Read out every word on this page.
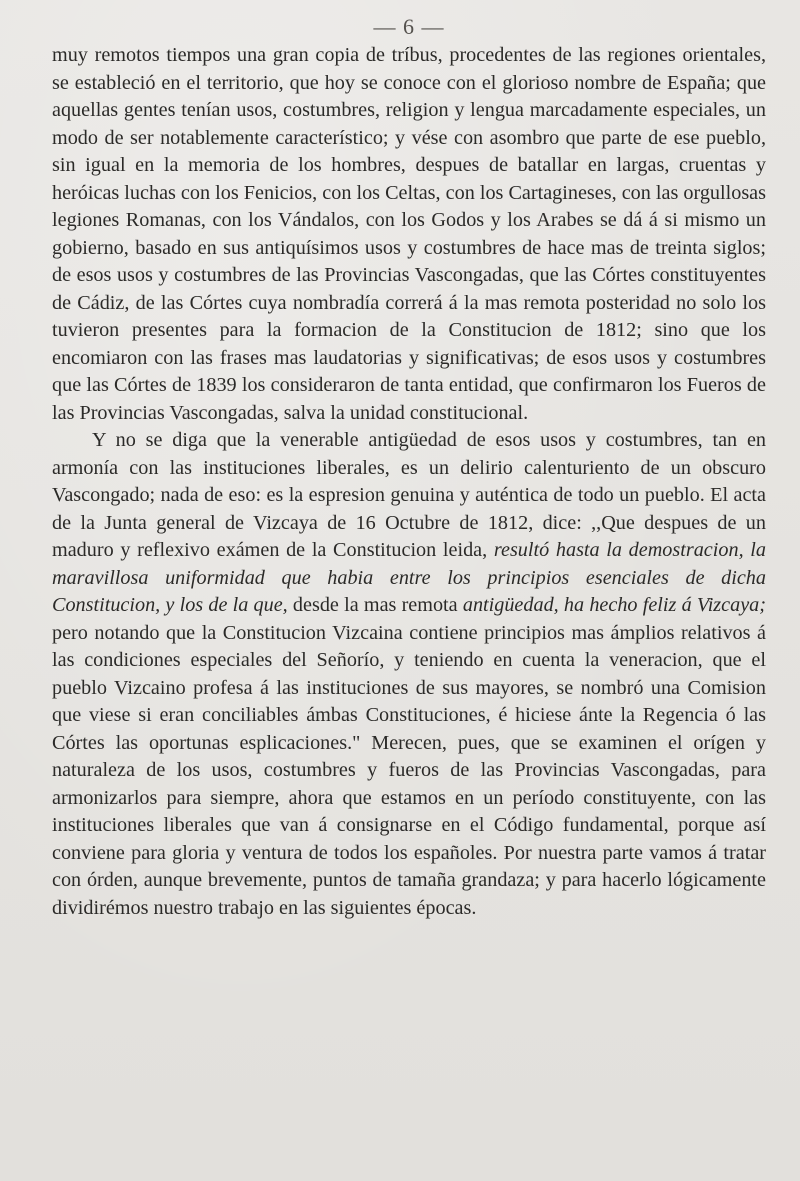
— 6 —

muy remotos tiempos una gran copia de tríbus, procedentes de las regiones orientales, se estableció en el territorio, que hoy se conoce con el glorioso nombre de España; que aquellas gentes tenían usos, costumbres, religion y lengua marcadamente especiales, un modo de ser notablemente característico; y vése con asombro que parte de ese pueblo, sin igual en la memoria de los hombres, despues de batallar en largas, cruentas y heróicas luchas con los Fenicios, con los Celtas, con los Cartagineses, con las orgullosas legiones Romanas, con los Vándalos, con los Godos y los Arabes se dá á si mismo un gobierno, basado en sus antiquísimos usos y costumbres de hace mas de treinta siglos; de esos usos y costumbres de las Provincias Vascongadas, que las Córtes constituyentes de Cádiz, de las Córtes cuya nombradía correrá á la mas remota posteridad no solo los tuvieron presentes para la formacion de la Constitucion de 1812; sino que los encomiaron con las frases mas laudatorias y significativas; de esos usos y costumbres que las Córtes de 1839 los consideraron de tanta entidad, que confirmaron los Fueros de las Provincias Vascongadas, salva la unidad constitucional.

Y no se diga que la venerable antigüedad de esos usos y costumbres, tan en armonía con las instituciones liberales, es un delirio calenturiento de un obscuro Vascongado; nada de eso: es la espresion genuina y auténtica de todo un pueblo. El acta de la Junta general de Vizcaya de 16 Octubre de 1812, dice: ,,Que despues de un maduro y reflexivo exámen de la Constitucion leida, resultó hasta la demostracion, la maravillosa uniformidad que habia entre los principios esenciales de dicha Constitucion, y los de la que, desde la mas remota antigüedad, ha hecho feliz á Vizcaya; pero notando que la Constitucion Vizcaina contiene principios mas ámplios relativos á las condiciones especiales del Señorío, y teniendo en cuenta la veneracion, que el pueblo Vizcaino profesa á las instituciones de sus mayores, se nombró una Comision que viese si eran conciliables ámbas Constituciones, é hiciese ánte la Regencia ó las Córtes las oportunas esplicaciones." Merecen, pues, que se examinen el orígen y naturaleza de los usos, costumbres y fueros de las Provincias Vascongadas, para armonizarlos para siempre, ahora que estamos en un período constituyente, con las instituciones liberales que van á consignarse en el Código fundamental, porque así conviene para gloria y ventura de todos los españoles. Por nuestra parte vamos á tratar con órden, aunque brevemente, puntos de tamaña grandaza; y para hacerlo lógicamente dividirémos nuestro trabajo en las siguientes épocas.
